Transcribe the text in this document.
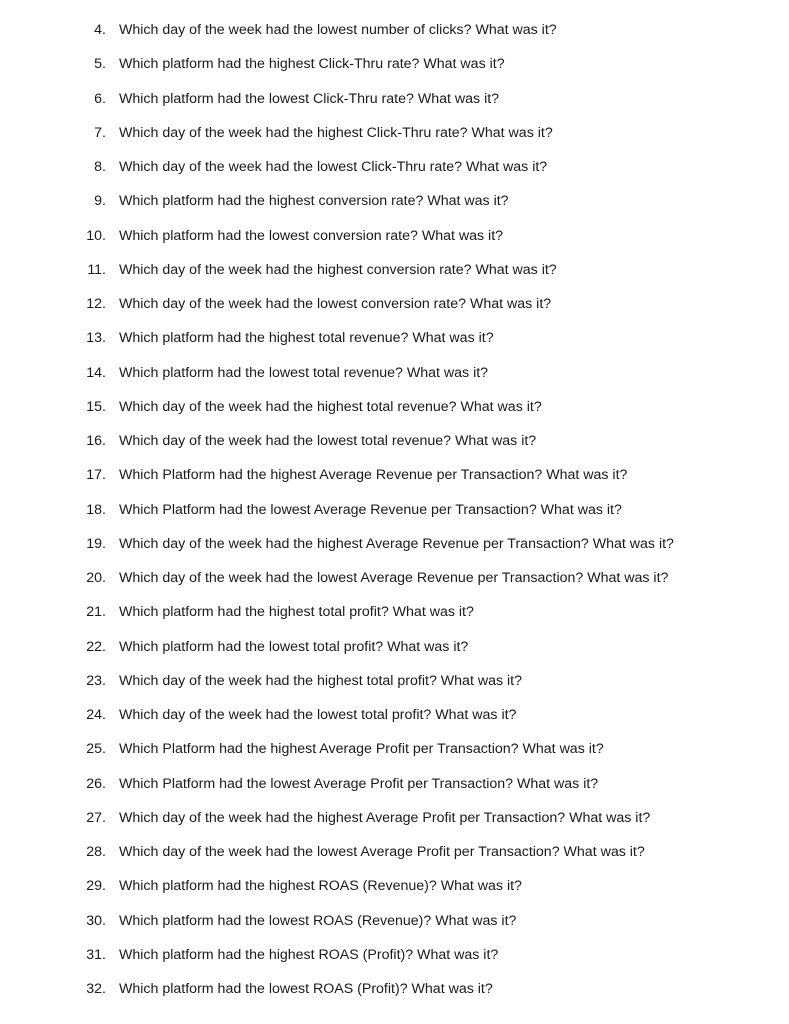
4. Which day of the week had the lowest number of clicks? What was it?
5. Which platform had the highest Click-Thru rate? What was it?
6. Which platform had the lowest Click-Thru rate? What was it?
7. Which day of the week had the highest Click-Thru rate? What was it?
8. Which day of the week had the lowest Click-Thru rate? What was it?
9. Which platform had the highest conversion rate? What was it?
10. Which platform had the lowest conversion rate? What was it?
11. Which day of the week had the highest conversion rate? What was it?
12. Which day of the week had the lowest conversion rate? What was it?
13. Which platform had the highest total revenue? What was it?
14. Which platform had the lowest total revenue? What was it?
15. Which day of the week had the highest total revenue? What was it?
16. Which day of the week had the lowest total revenue? What was it?
17. Which Platform had the highest Average Revenue per Transaction? What was it?
18. Which Platform had the lowest Average Revenue per Transaction? What was it?
19. Which day of the week had the highest Average Revenue per Transaction? What was it?
20. Which day of the week had the lowest Average Revenue per Transaction? What was it?
21. Which platform had the highest total profit? What was it?
22. Which platform had the lowest total profit? What was it?
23. Which day of the week had the highest total profit? What was it?
24. Which day of the week had the lowest total profit? What was it?
25. Which Platform had the highest Average Profit per Transaction? What was it?
26. Which Platform had the lowest Average Profit per Transaction? What was it?
27. Which day of the week had the highest Average Profit per Transaction? What was it?
28. Which day of the week had the lowest Average Profit per Transaction? What was it?
29. Which platform had the highest ROAS (Revenue)? What was it?
30. Which platform had the lowest ROAS (Revenue)? What was it?
31. Which platform had the highest ROAS (Profit)? What was it?
32. Which platform had the lowest ROAS (Profit)? What was it?
